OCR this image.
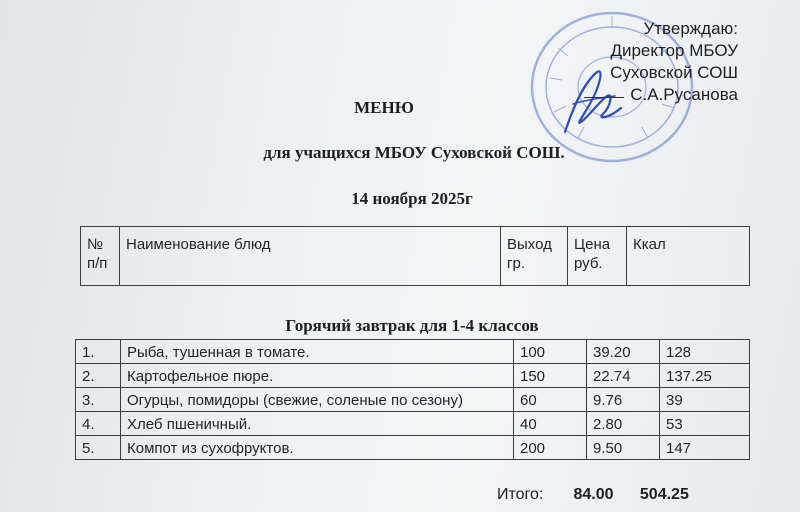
Утверждаю:
Директор МБОУ
Суховской СОШ
С.А.Русанова
МЕНЮ
для учащихся МБОУ Суховской СОШ.
14 ноября 2025г
№ п/п	Наименование блюд	Выход гр.	Цена руб.	Ккал
Горячий завтрак для 1-4 классов
1.	Рыба, тушенная в томате.	100	39.20	128
2.	Картофельное пюре.	150	22.74	137.25
3.	Огурцы, помидоры (свежие, соленые по сезону)	60	9.76	39
4.	Хлеб пшеничный.	40	2.80	53
5.	Компот из сухофруктов.	200	9.50	147
Итого: 84.00 504.25
